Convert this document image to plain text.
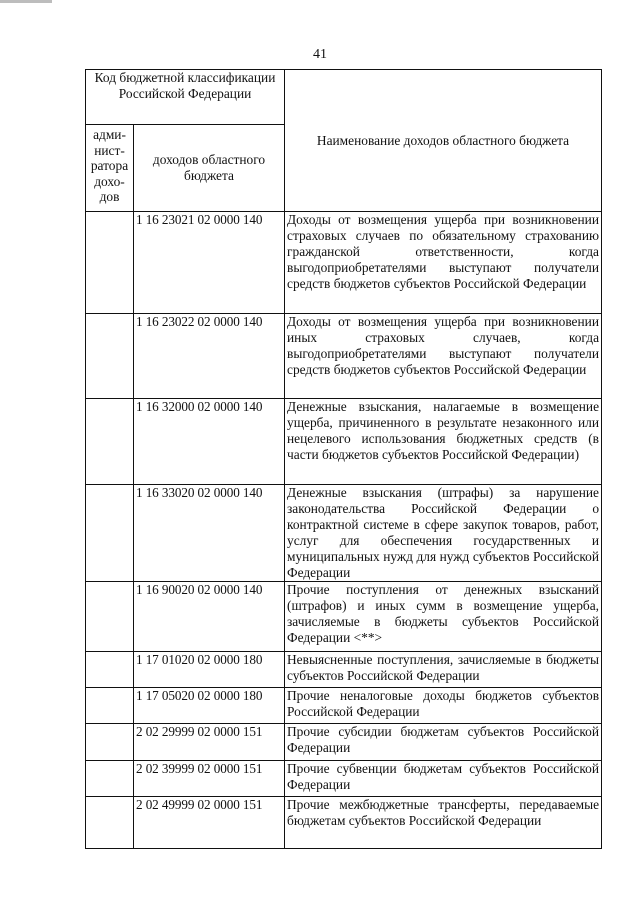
41
Код бюджетной классификации Российской Федерации		Наименование доходов областного бюджета
адми-нист-ратора дохо-дов	доходов областного бюджета	
	1 16 23021 02 0000 140	Доходы от возмещения ущерба при возникновении страховых случаев по обязательному страхованию гражданской ответственности, когда выгодоприобретателями выступают получатели средств бюджетов субъектов Российской Федерации
	1 16 23022 02 0000 140	Доходы от возмещения ущерба при возникновении иных страховых случаев, когда выгодоприобретателями выступают получатели средств бюджетов субъектов Российской Федерации
	1 16 32000 02 0000 140	Денежные взыскания, налагаемые в возмещение ущерба, причиненного в результате незаконного или нецелевого использования бюджетных средств (в части бюджетов субъектов Российской Федерации)
	1 16 33020 02 0000 140	Денежные взыскания (штрафы) за нарушение законодательства Российской Федерации о контрактной системе в сфере закупок товаров, работ, услуг для обеспечения государственных и муниципальных нужд для нужд субъектов Российской Федерации
	1 16 90020 02 0000 140	Прочие поступления от денежных взысканий (штрафов) и иных сумм в возмещение ущерба, зачисляемые в бюджеты субъектов Российской Федерации <**>
	1 17 01020 02 0000 180	Невыясненные поступления, зачисляемые в бюджеты субъектов Российской Федерации
	1 17 05020 02 0000 180	Прочие неналоговые доходы бюджетов субъектов Российской Федерации
	2 02 29999 02 0000 151	Прочие субсидии бюджетам субъектов Российской Федерации
	2 02 39999 02 0000 151	Прочие субвенции бюджетам субъектов Российской Федерации
	2 02 49999 02 0000 151	Прочие межбюджетные трансферты, передаваемые бюджетам субъектов Российской Федерации
